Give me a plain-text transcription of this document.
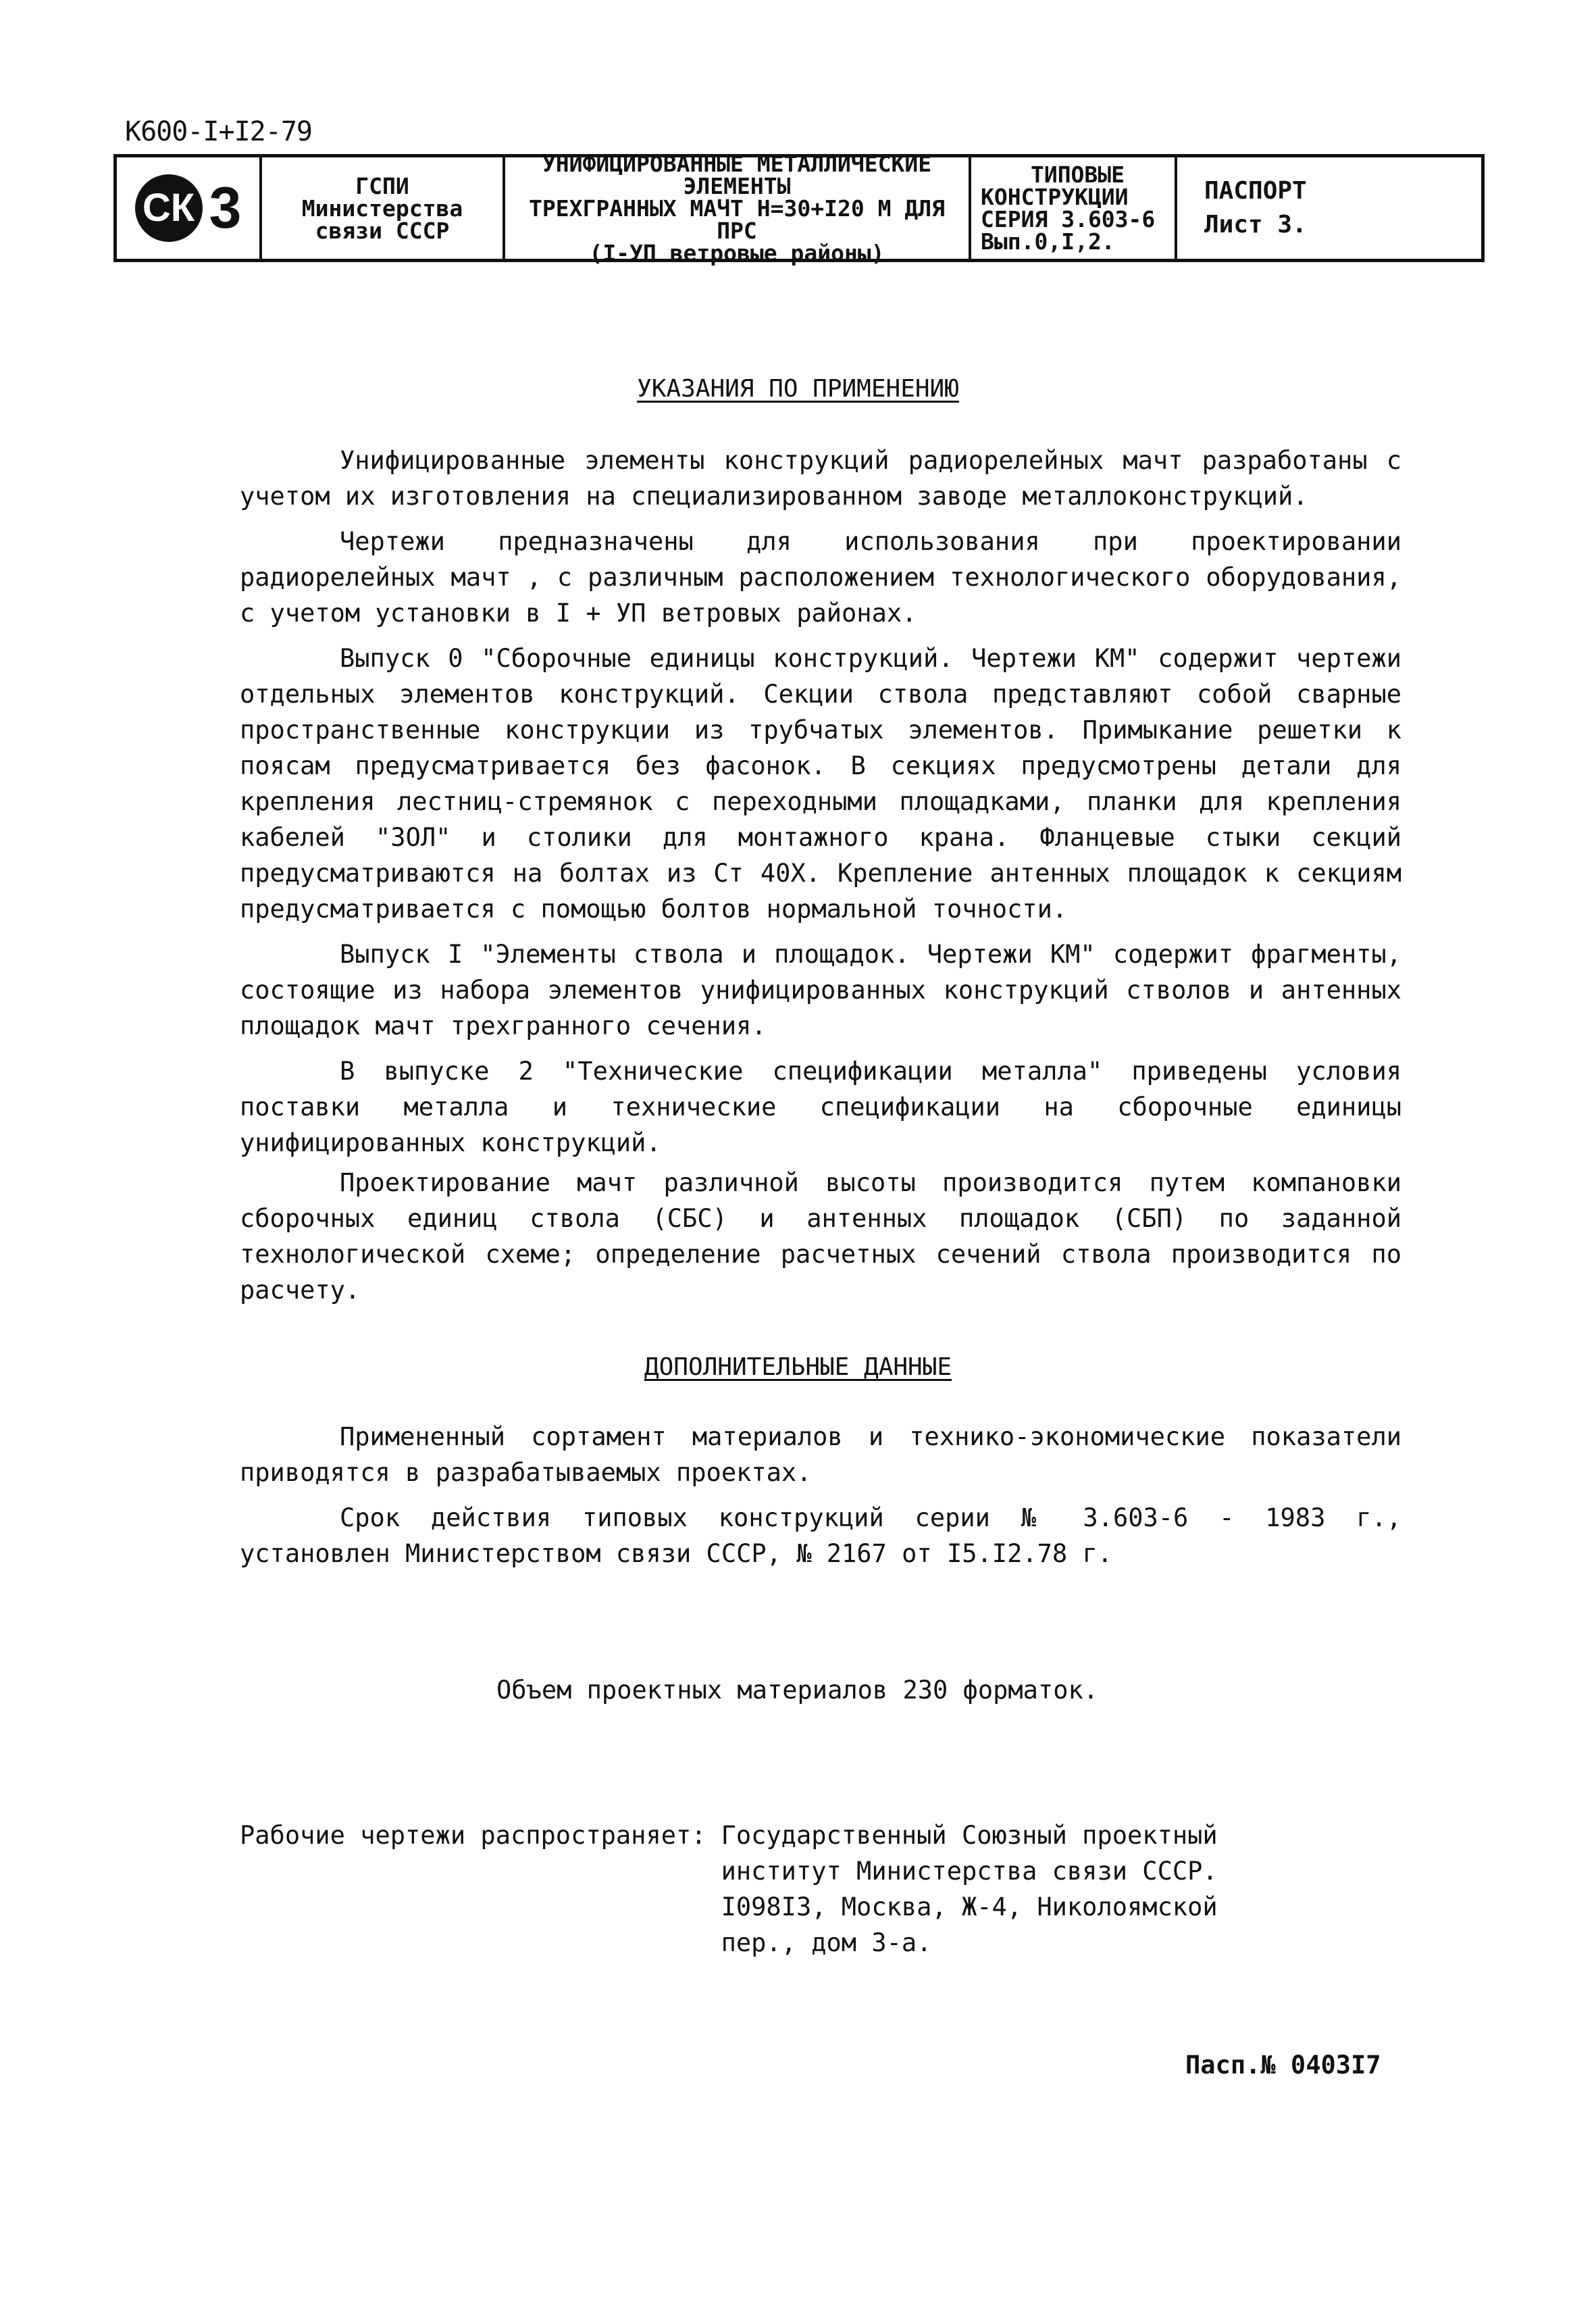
К600-I+I2-79
СК 3	ГСПИ
Министерства
связи СССР
УНИФИЦИРОВАННЫЕ МЕТАЛЛИЧЕСКИЕ ЭЛЕМЕНТЫ
ТРЕХГРАННЫХ МАЧТ Н=30+I20 М ДЛЯ ПРС
(I-УП ветровые районы)
ТИПОВЫЕ
КОНСТРУКЦИИ
СЕРИЯ 3.603-6
Вып.0,I,2.
ПАСПОРТ
Лист 3.
УКАЗАНИЯ ПО ПРИМЕНЕНИЮ

Унифицированные элементы конструкций радиорелейных мачт разработаны с учетом их изготовления на специализированном заводе металлоконструкций.

Чертежи предназначены для использования при проектировании радиорелейных мачт , с различным расположением технологического оборудования, с учетом установки в I + УП ветровых районах.

Выпуск 0 "Сборочные единицы конструкций. Чертежи КМ" содержит чертежи отдельных элементов конструкций. Секции ствола представляют собой сварные пространственные конструкции из трубчатых элементов. Примыкание решетки к поясам предусматривается без фасонок. В секциях предусмотрены детали для крепления лестниц-стремянок с переходными площадками, планки для крепления кабелей "ЗОЛ" и столики для монтажного крана. Фланцевые стыки секций предусматриваются на болтах из Ст 40Х. Крепление антенных площадок к секциям предусматривается с помощью болтов нормальной точности.

Выпуск I "Элементы ствола и площадок. Чертежи КМ" содержит фрагменты, состоящие из набора элементов унифицированных конструкций стволов и антенных площадок мачт трехгранного сечения.

В выпуске 2 "Технические спецификации металла" приведены условия поставки металла и технические спецификации на сборочные единицы унифицированных конструкций.

Проектирование мачт различной высоты производится путем компановки сборочных единиц ствола (СБС) и антенных площадок (СБП) по заданной технологической схеме; определение расчетных сечений ствола производится по расчету.

ДОПОЛНИТЕЛЬНЫЕ ДАННЫЕ

Примененный сортамент материалов и технико-экономические показатели приводятся в разрабатываемых проектах.

Срок действия типовых конструкций серии № 3.603-6 - 1983 г., установлен Министерством связи СССР, № 2167 от I5.I2.78 г.

Объем проектных материалов 230 форматок.
Рабочие чертежи распространяет: Государственный Союзный проектный
институт Министерства связи СССР.
I098I3, Москва, Ж-4, Николоямской
пер., дом 3-а.
Пасп.№ 0403I7
